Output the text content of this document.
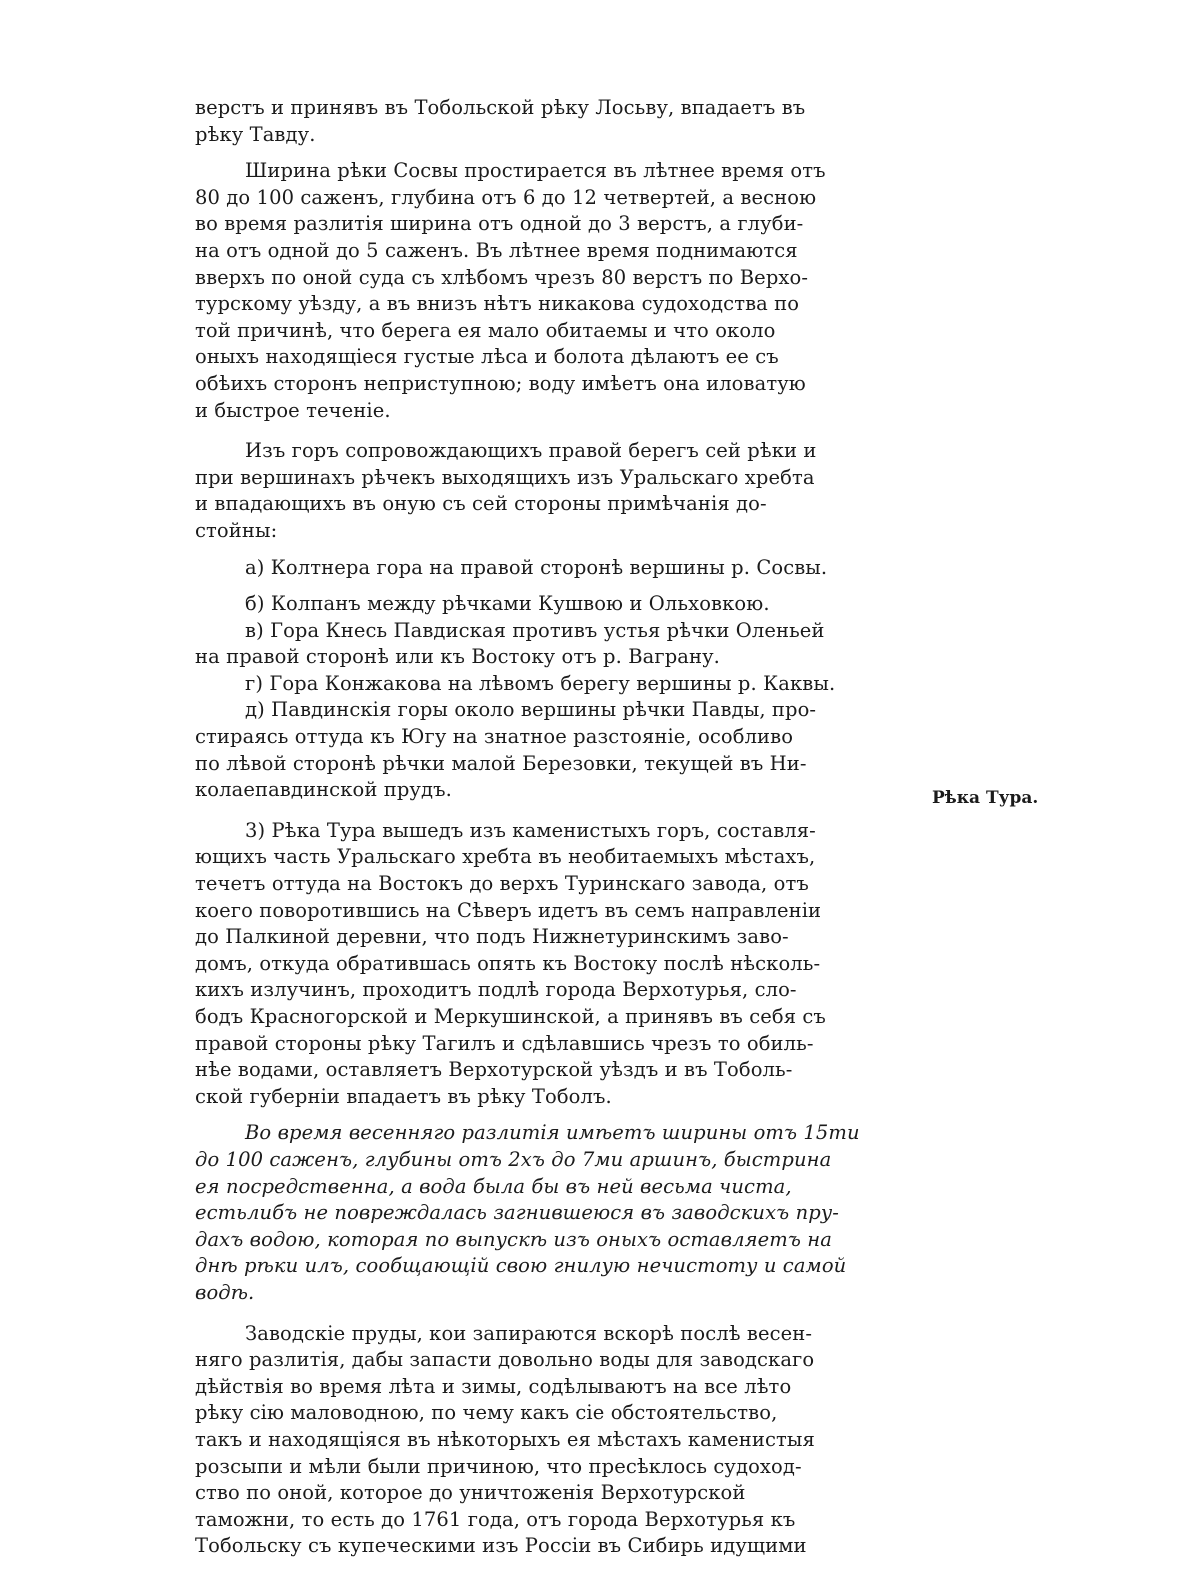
верстъ и принявъ въ Тобольской рѣку Лосьву, впадаетъ въ
рѣку Тавду.
Ширина рѣки Сосвы простирается въ лѣтнее время отъ
80 до 100 саженъ, глубина отъ 6 до 12 четвертей, а весною
во время разлитія ширина отъ одной до 3 верстъ, а глуби-
на отъ одной до 5 саженъ. Въ лѣтнее время поднимаются
вверхъ по оной суда съ хлѣбомъ чрезъ 80 верстъ по Верхо-
турскому уѣзду, а въ внизъ нѣтъ никакова судоходства по
той причинѣ, что берега ея мало обитаемы и что около
оныхъ находящіеся густые лѣса и болота дѣлаютъ ее съ
обѣихъ сторонъ неприступною; воду имѣетъ она иловатую
и быстрое теченіе.
Изъ горъ сопровождающихъ правой берегъ сей рѣки и
при вершинахъ рѣчекъ выходящихъ изъ Уральскаго хребта
и впадающихъ въ оную съ сей стороны примѣчанія до-
стойны:
а) Колтнера гора на правой сторонѣ вершины р. Сосвы.
б) Колпанъ между рѣчками Кушвою и Ольховкою.
в) Гора Кнесь Павдиская противъ устья рѣчки Оленьей
на правой сторонѣ или къ Востоку отъ р. Ваграну.
г) Гора Конжакова на лѣвомъ берегу вершины р. Каквы.
д) Павдинскія горы около вершины рѣчки Павды, про-
стираясь оттуда къ Югу на знатное разстояніе, особливо
по лѣвой сторонѣ рѣчки малой Березовки, текущей въ Ни-
колаепавдинской прудъ.
3) Рѣка Тура вышедъ изъ каменистыхъ горъ, составля-
ющихъ часть Уральскаго хребта въ необитаемыхъ мѣстахъ,
течетъ оттуда на Востокъ до верхъ Туринскаго завода, отъ
коего поворотившись на Сѣверъ идетъ въ семъ направленіи
до Палкиной деревни, что подъ Нижнетуринскимъ заво-
домъ, откуда обратившась опять къ Востоку послѣ нѣсколь-
кихъ излучинъ, проходитъ подлѣ города Верхотурья, сло-
бодъ Красногорской и Меркушинской, а принявъ въ себя съ
правой стороны рѣку Тагилъ и сдѣлавшись чрезъ то обиль-
нѣе водами, оставляетъ Верхотурской уѣздъ и въ Тоболь-
ской губерніи впадаетъ въ рѣку Тоболъ.
Во время весенняго разлитія имѣетъ ширины отъ 15ти
до 100 саженъ, глубины отъ 2хъ до 7ми аршинъ, быстрина
ея посредственна, а вода была бы въ ней весьма чиста,
естьлибъ не повреждалась загнившеюся въ заводскихъ пру-
дахъ водою, которая по выпускѣ изъ оныхъ оставляетъ на
днѣ рѣки илъ, сообщающій свою гнилую нечистоту и самой
водѣ.
Заводскіе пруды, кои запираются вскорѣ послѣ весен-
няго разлитія, дабы запасти довольно воды для заводскаго
дѣйствія во время лѣта и зимы, содѣлываютъ на все лѣто
рѣку сію маловодною, по чему какъ сіе обстоятельство,
такъ и находящіяся въ нѣкоторыхъ ея мѣстахъ каменистыя
розсыпи и мѣли были причиною, что пресѣклось судоход-
ство по оной, которое до уничтоженія Верхотурской
таможни, то есть до 1761 года, отъ города Верхотурья къ
Тобольску съ купеческими изъ Россіи въ Сибирь идущими
Рѣка Тура.
